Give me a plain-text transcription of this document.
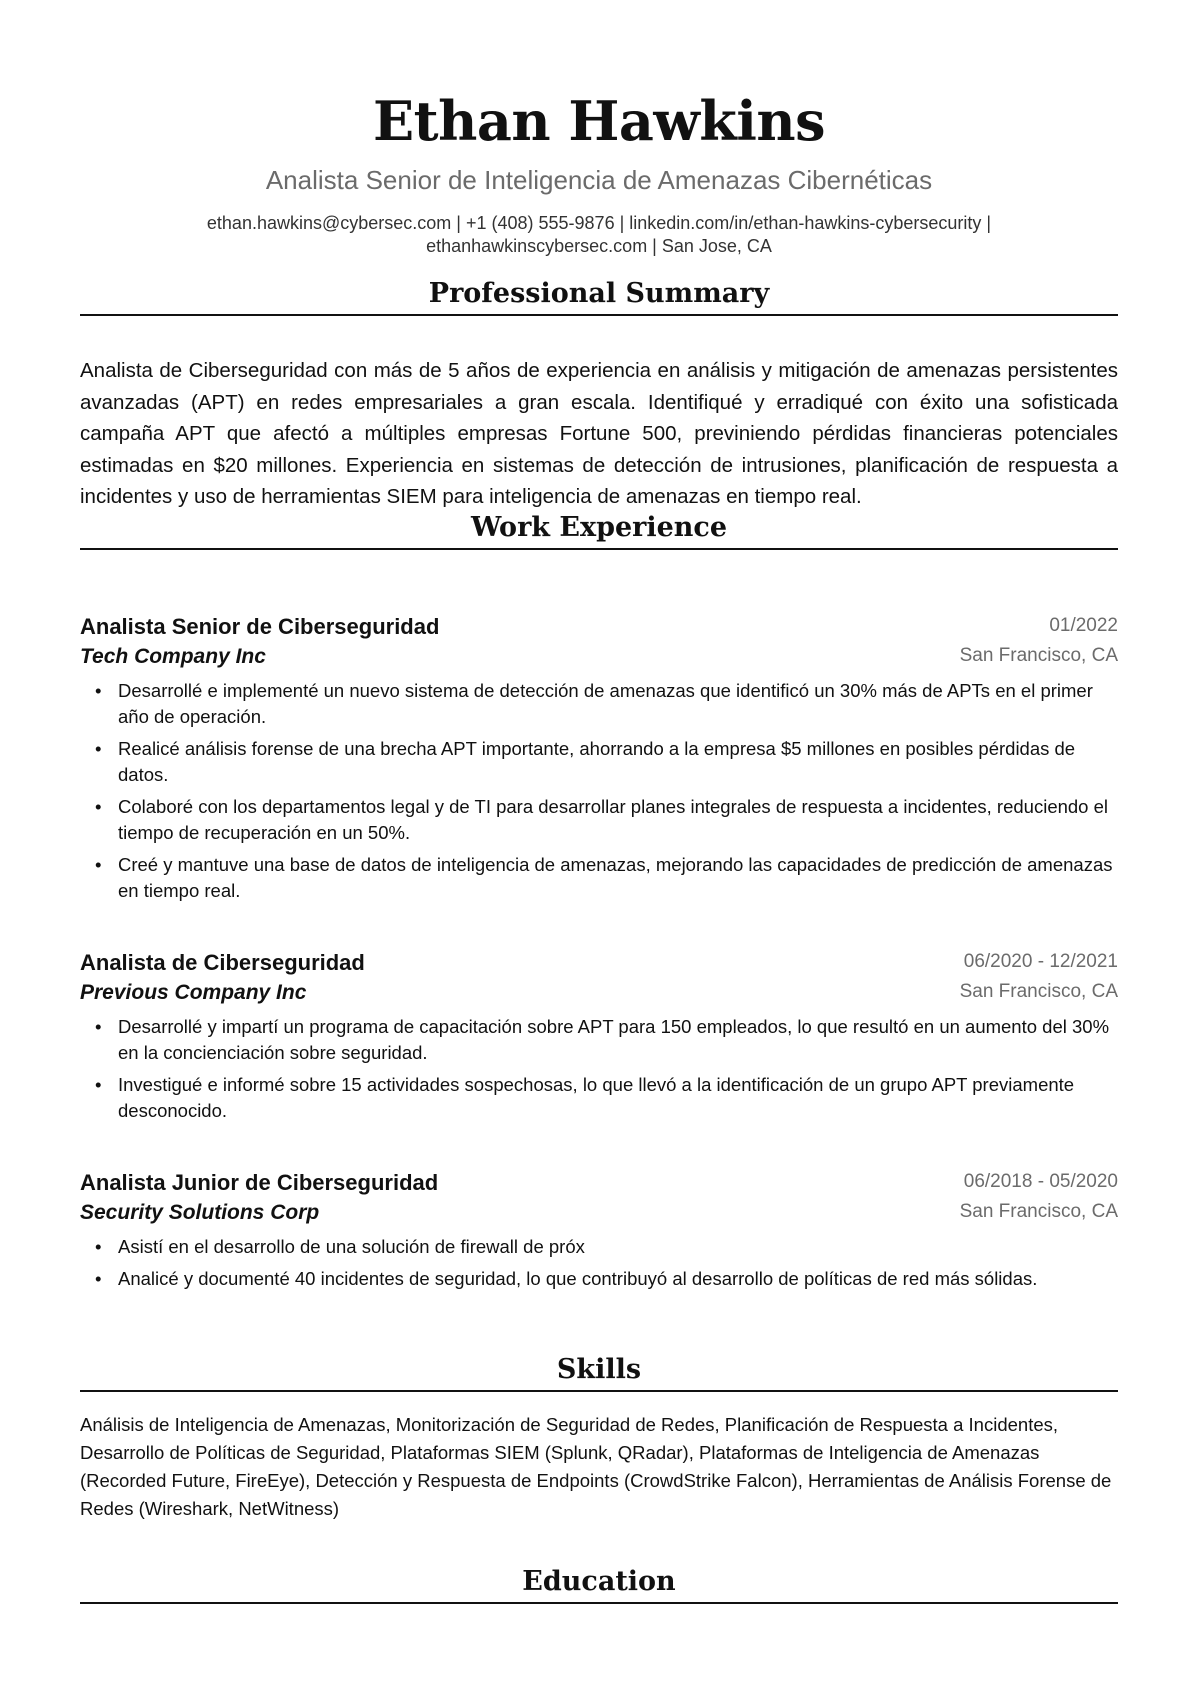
Ethan Hawkins
Analista Senior de Inteligencia de Amenazas Cibernéticas
ethan.hawkins@cybersec.com | +1 (408) 555-9876 | linkedin.com/in/ethan-hawkins-cybersecurity |
ethanhawkinscybersec.com | San Jose, CA
Professional Summary

Analista de Ciberseguridad con más de 5 años de experiencia en análisis y mitigación de amenazas persistentes avanzadas (APT) en redes empresariales a gran escala. Identifiqué y erradiqué con éxito una sofisticada campaña APT que afectó a múltiples empresas Fortune 500, previniendo pérdidas financieras potenciales estimadas en $20 millones. Experiencia en sistemas de detección de intrusiones, planificación de respuesta a incidentes y uso de herramientas SIEM para inteligencia de amenazas en tiempo real.

Work Experience
Analista Senior de Ciberseguridad	01/2022
Tech Company Inc	San Francisco, CA
• Desarrollé e implementé un nuevo sistema de detección de amenazas que identificó un 30% más de APTs en el primer año de operación.
• Realicé análisis forense de una brecha APT importante, ahorrando a la empresa $5 millones en posibles pérdidas de datos.
• Colaboré con los departamentos legal y de TI para desarrollar planes integrales de respuesta a incidentes, reduciendo el tiempo de recuperación en un 50%.
• Creé y mantuve una base de datos de inteligencia de amenazas, mejorando las capacidades de predicción de amenazas en tiempo real.
Analista de Ciberseguridad	06/2020 - 12/2021
Previous Company Inc	San Francisco, CA
• Desarrollé y impartí un programa de capacitación sobre APT para 150 empleados, lo que resultó en un aumento del 30% en la concienciación sobre seguridad.
• Investigué e informé sobre 15 actividades sospechosas, lo que llevó a la identificación de un grupo APT previamente desconocido.
Analista Junior de Ciberseguridad	06/2018 - 05/2020
Security Solutions Corp	San Francisco, CA
• Asistí en el desarrollo de una solución de firewall de próx
• Analicé y documenté 40 incidentes de seguridad, lo que contribuyó al desarrollo de políticas de red más sólidas.
Skills

Análisis de Inteligencia de Amenazas, Monitorización de Seguridad de Redes, Planificación de Respuesta a Incidentes, Desarrollo de Políticas de Seguridad, Plataformas SIEM (Splunk, QRadar), Plataformas de Inteligencia de Amenazas (Recorded Future, FireEye), Detección y Respuesta de Endpoints (CrowdStrike Falcon), Herramientas de Análisis Forense de Redes (Wireshark, NetWitness)

Education
